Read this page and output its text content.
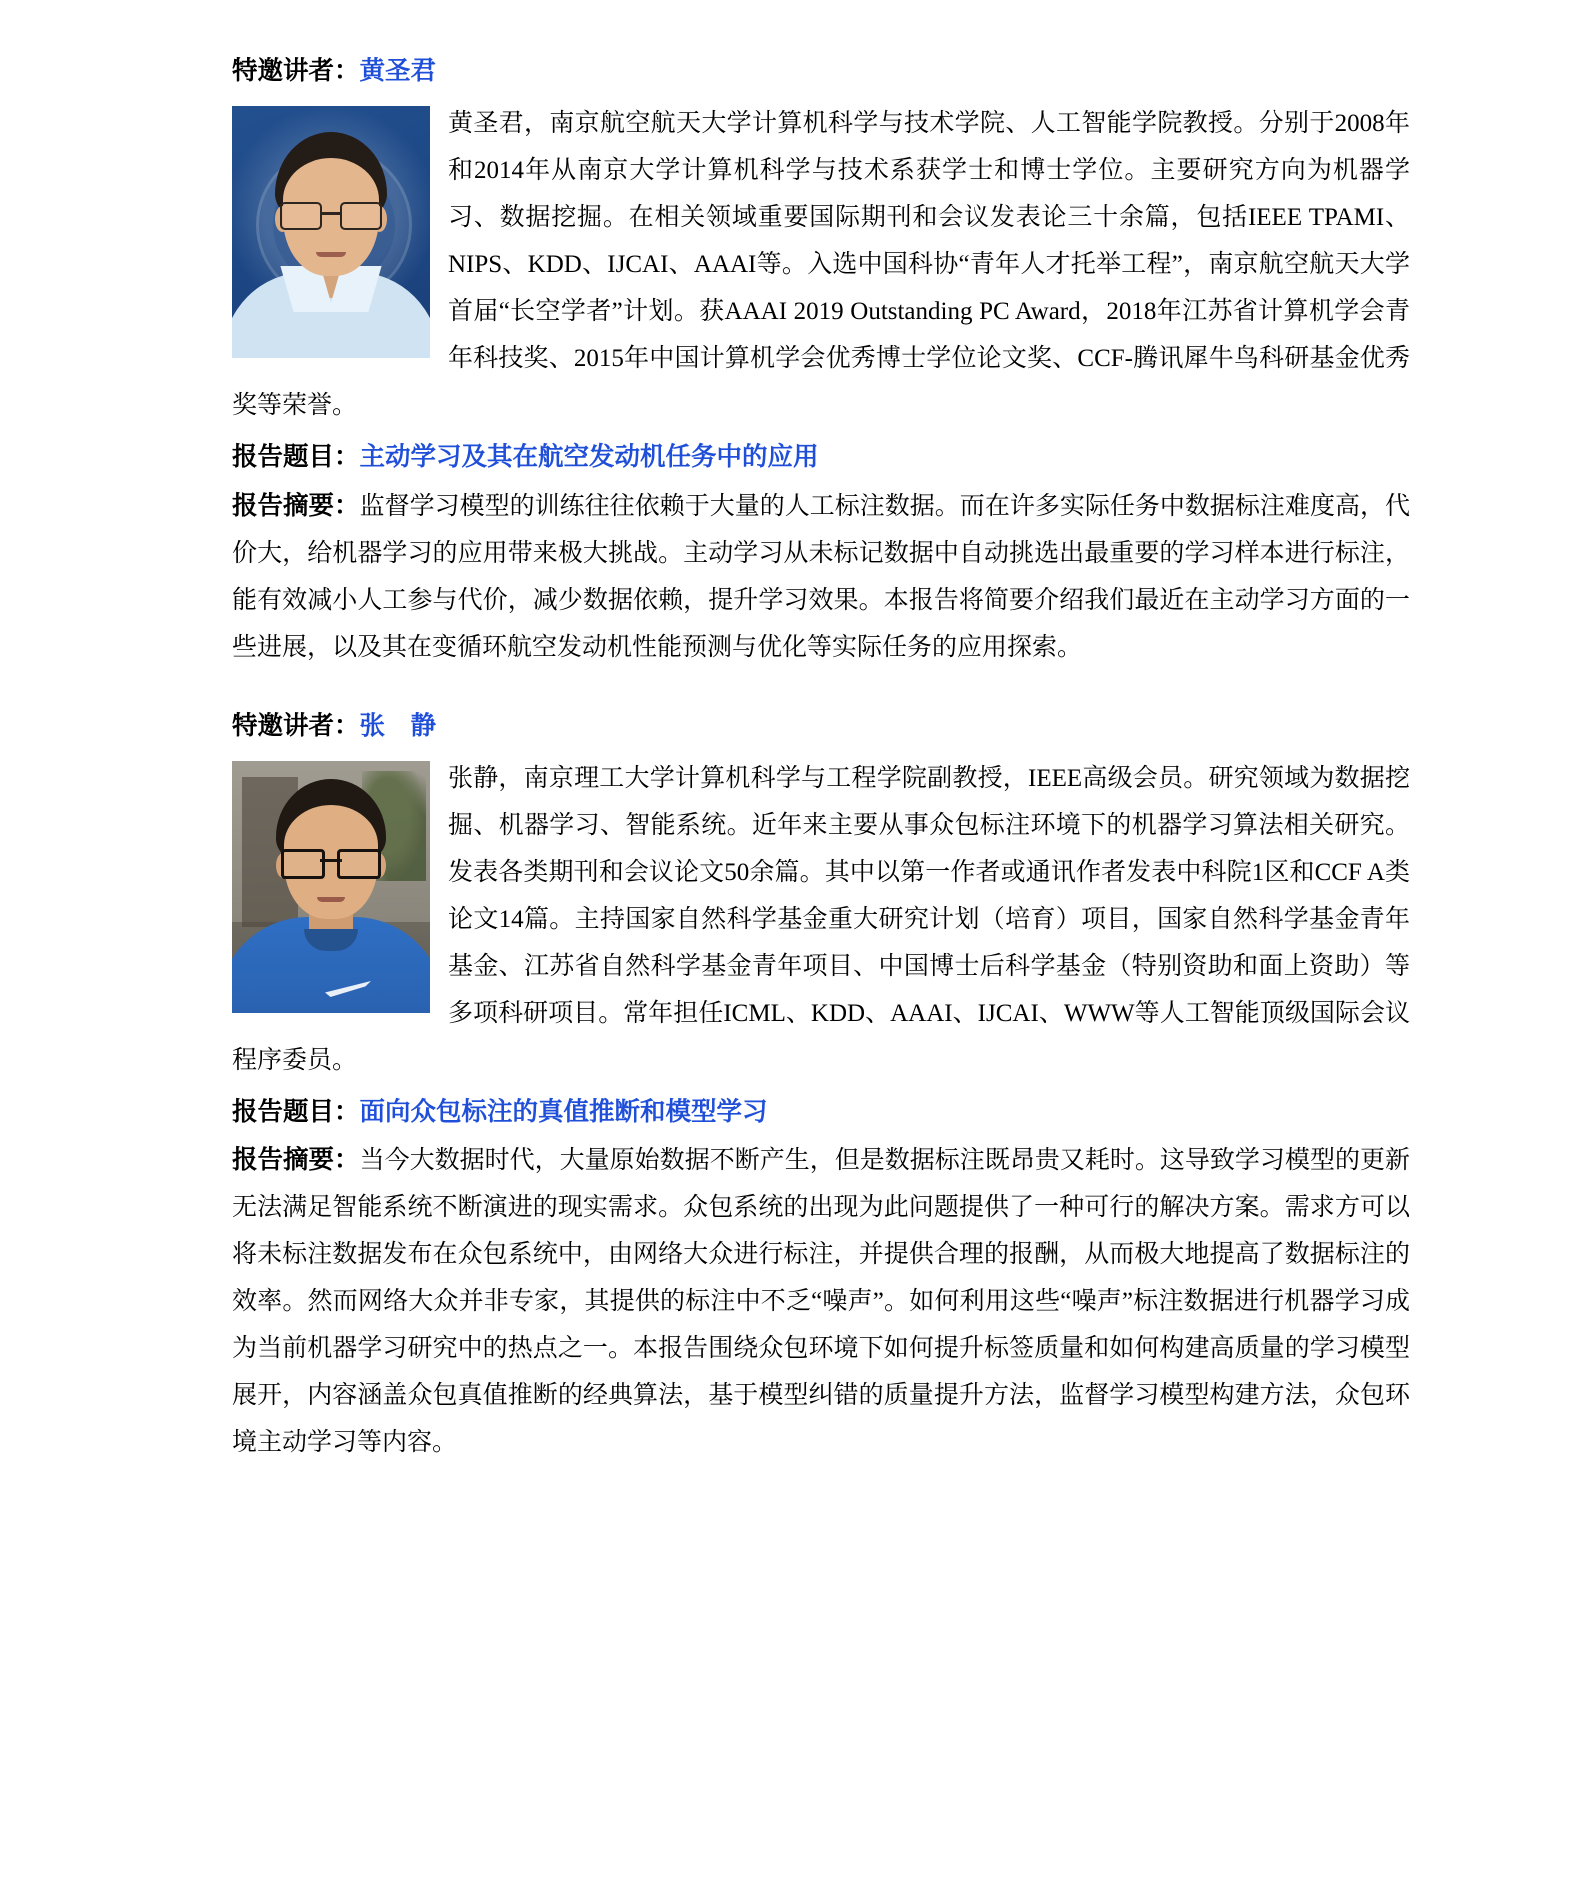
特邀讲者：黄圣君
黄圣君，南京航空航天大学计算机科学与技术学院、人工智能学院教授。分别于2008年和2014年从南京大学计算机科学与技术系获学士和博士学位。主要研究方向为机器学习、数据挖掘。在相关领域重要国际期刊和会议发表论三十余篇，包括IEEE TPAMI、NIPS、KDD、IJCAI、AAAI等。入选中国科协“青年人才托举工程”，南京航空航天大学首届“长空学者”计划。获AAAI 2019 Outstanding PC Award，2018年江苏省计算机学会青年科技奖、2015年中国计算机学会优秀博士学位论文奖、CCF-腾讯犀牛鸟科研基金优秀奖等荣誉。
报告题目：主动学习及其在航空发动机任务中的应用
报告摘要：监督学习模型的训练往往依赖于大量的人工标注数据。而在许多实际任务中数据标注难度高，代价大，给机器学习的应用带来极大挑战。主动学习从未标记数据中自动挑选出最重要的学习样本进行标注，能有效减小人工参与代价，减少数据依赖，提升学习效果。本报告将简要介绍我们最近在主动学习方面的一些进展，以及其在变循环航空发动机性能预测与优化等实际任务的应用探索。
特邀讲者：张　静
张静，南京理工大学计算机科学与工程学院副教授，IEEE高级会员。研究领域为数据挖掘、机器学习、智能系统。近年来主要从事众包标注环境下的机器学习算法相关研究。发表各类期刊和会议论文50余篇。其中以第一作者或通讯作者发表中科院1区和CCF A类论文14篇。主持国家自然科学基金重大研究计划（培育）项目，国家自然科学基金青年基金、江苏省自然科学基金青年项目、中国博士后科学基金（特别资助和面上资助）等多项科研项目。常年担任ICML、KDD、AAAI、IJCAI、WWW等人工智能顶级国际会议程序委员。
报告题目：面向众包标注的真值推断和模型学习
报告摘要：当今大数据时代，大量原始数据不断产生，但是数据标注既昂贵又耗时。这导致学习模型的更新无法满足智能系统不断演进的现实需求。众包系统的出现为此问题提供了一种可行的解决方案。需求方可以将未标注数据发布在众包系统中，由网络大众进行标注，并提供合理的报酬，从而极大地提高了数据标注的效率。然而网络大众并非专家，其提供的标注中不乏“噪声”。如何利用这些“噪声”标注数据进行机器学习成为当前机器学习研究中的热点之一。本报告围绕众包环境下如何提升标签质量和如何构建高质量的学习模型展开，内容涵盖众包真值推断的经典算法，基于模型纠错的质量提升方法，监督学习模型构建方法，众包环境主动学习等内容。
